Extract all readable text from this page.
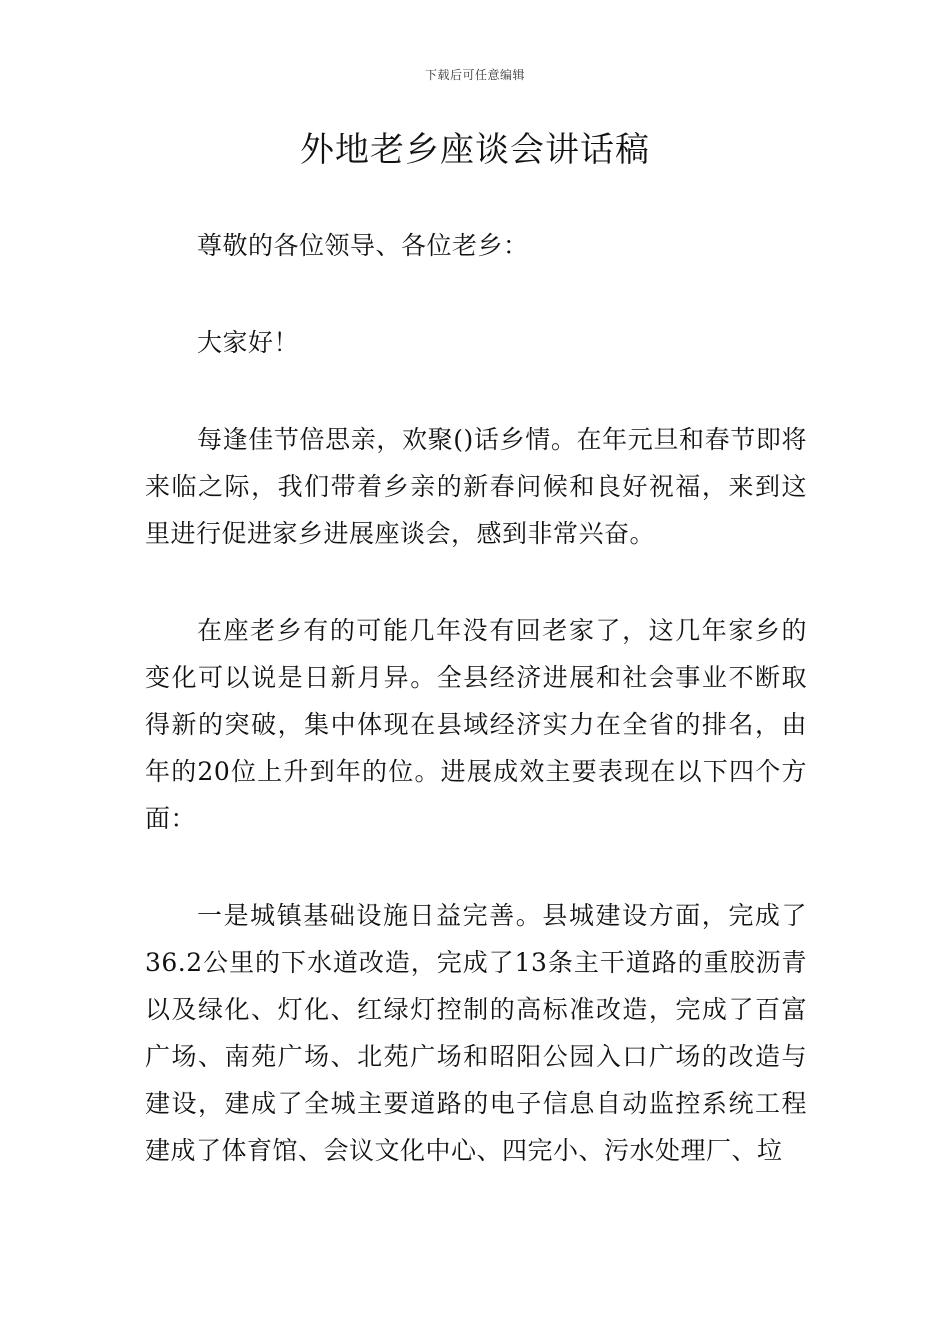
下载后可任意编辑
外地老乡座谈会讲话稿

尊敬的各位领导、各位老乡：

大家好！

每逢佳节倍思亲，欢聚()话乡情。在年元旦和春节即将来临之际，我们带着乡亲的新春问候和良好祝福，来到这里进行促进家乡进展座谈会，感到非常兴奋。

在座老乡有的可能几年没有回老家了，这几年家乡的变化可以说是日新月异。全县经济进展和社会事业不断取得新的突破，集中体现在县域经济实力在全省的排名，由年的20位上升到年的位。进展成效主要表现在以下四个方面：

一是城镇基础设施日益完善。县城建设方面，完成了36.2公里的下水道改造，完成了13条主干道路的重胶沥青以及绿化、灯化、红绿灯控制的高标准改造，完成了百富广场、南苑广场、北苑广场和昭阳公园入口广场的改造与建设，建成了全城主要道路的电子信息自动监控系统工程建成了体育馆、会议文化中心、四完小、污水处理厂、垃
